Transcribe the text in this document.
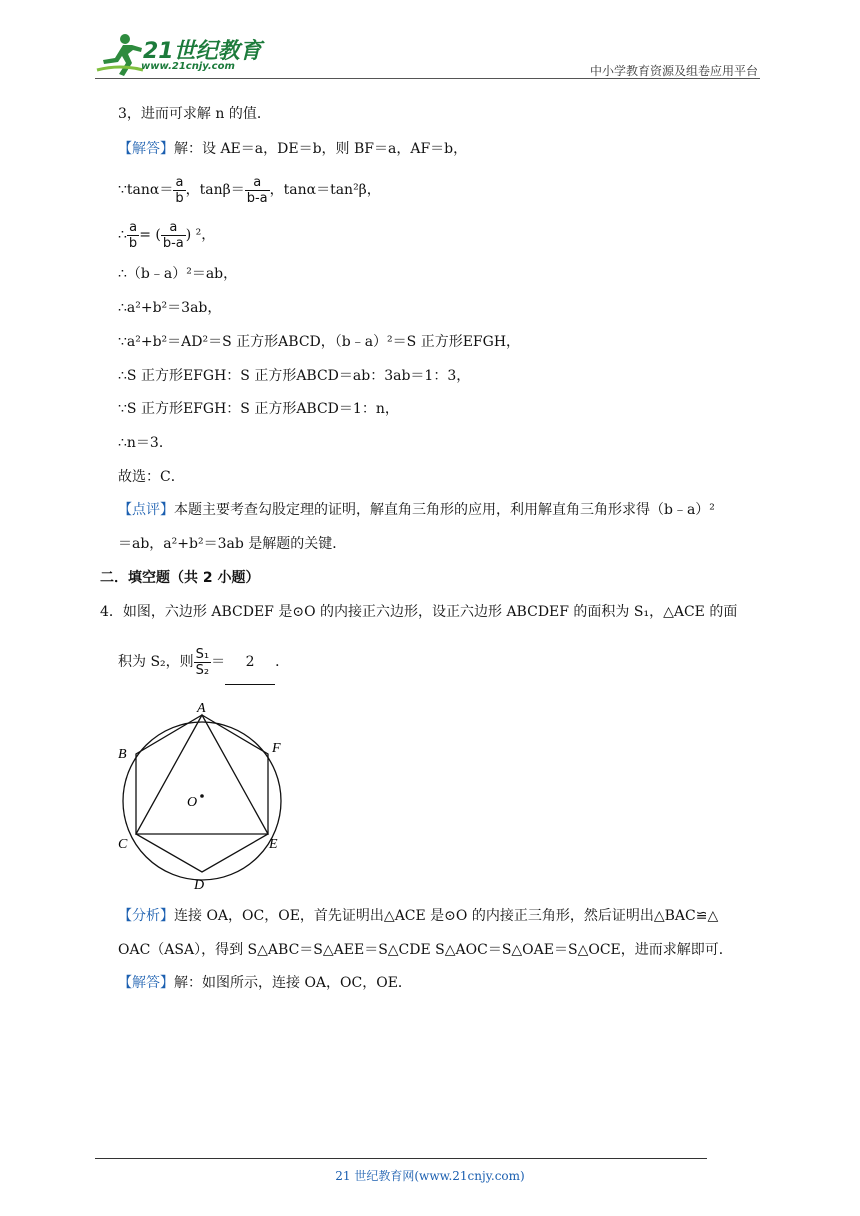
21世纪教育
www.21cnjy.com	中小学教育资源及组卷应用平台
3，进而可求解 n 的值．
【解答】解：设 AE＝a，DE＝b，则 BF＝a，AF＝b，
∵tanα＝ $\frac{a}{b}$ ，$\tan\beta= \frac{a}{b-a}$ ，tanα＝tan²β，
∴ $\frac{a}{b}$ = ( $\frac{a}{b-a}$ ) ²，
∴（b﹣a）²＝ab，
∴a²+b²＝3ab，
∵a²+b²＝AD²＝S 正方形ABCD，（b﹣a）²＝S 正方形EFGH，
∴S 正方形EFGH：S 正方形ABCD＝ab：3ab＝1：3，
∵S 正方形EFGH：S 正方形ABCD＝1：n，
∴n＝3．
故选：C．
【点评】本题主要考查勾股定理的证明，解直角三角形的应用，利用解直角三角形求得（b﹣a）²
＝ab，a²+b²＝3ab 是解题的关键．
二．填空题（共 2 小题）
4．如图，六边形 ABCDEF 是⊙O 的内接正六边形，设正六边形 ABCDEF 的面积为 S₁，△ACE 的面
积为 S₂，则 $\frac{\text{S₁}}{\text{S₂}} = 2$ ．
A
B	F
C	E
D
O
【分析】连接 OA，OC，OE，首先证明出△ACE 是⊙O 的内接正三角形，然后证明出△BAC≌△
OAC（ASA），得到 S△ABC＝S△AEE＝S△CDE S△AOC＝S△OAE＝S△OCE，进而求解即可．
【解答】解：如图所示，连接 OA，OC，OE．
21 世纪教育网(www.21cnjy.com)
